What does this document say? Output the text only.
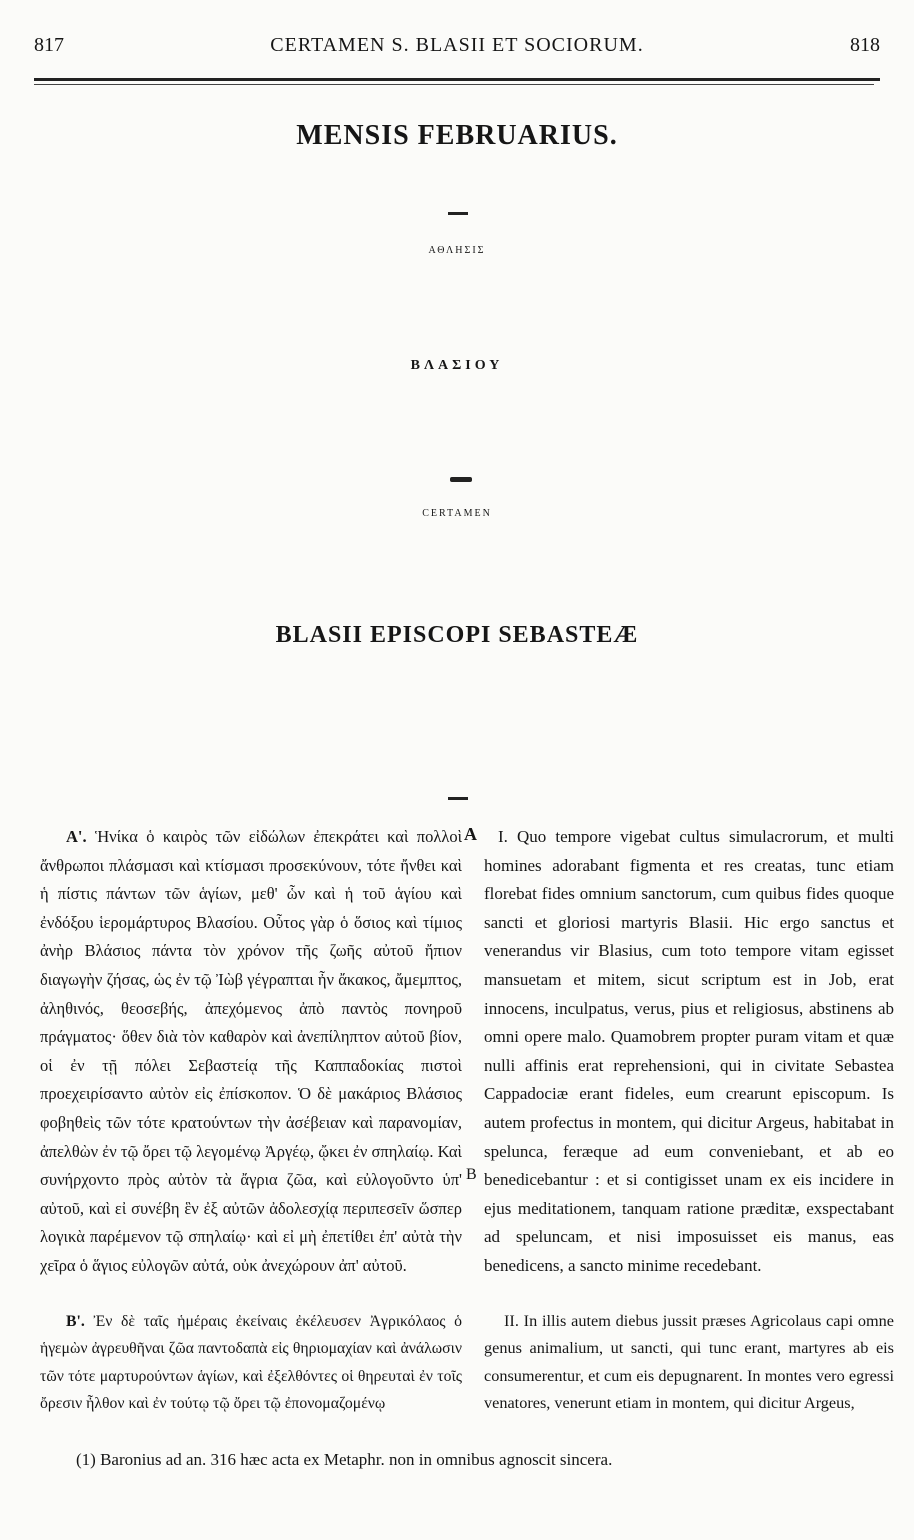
817	CERTAMEN S. BLASII ET SOCIORUM.	818
MENSIS FEBRUARIUS.
ΑΘΛΗΣΙΣ
ΒΛΑΣΙΟΥ
CERTAMEN
BLASII EPISCOPI SEBASTEÆ
A
B

Α'. Ἡνίκα ὁ καιρὸς τῶν εἰδώλων ἐπεκράτει καὶ πολλοὶ ἄνθρωποι πλάσμασι καὶ κτίσμασι προσεκύνουν, τότε ἤνθει καὶ ἡ πίστις πάντων τῶν ἁγίων, μεθ' ὧν καὶ ἡ τοῦ ἁγίου καὶ ἐνδόξου ἱερομάρτυρος Βλασίου. Οὗτος γὰρ ὁ ὅσιος καὶ τίμιος ἀνὴρ Βλάσιος πάντα τὸν χρόνον τῆς ζωῆς αὐτοῦ ἤπιον διαγωγὴν ζήσας, ὡς ἐν τῷ Ἰὼβ γέγραπται ἦν ἄκακος, ἄμεμπτος, ἀληθινός, θεοσεβής, ἀπεχόμενος ἀπὸ παντὸς πονηροῦ πράγματος· ὅθεν διὰ τὸν καθαρὸν καὶ ἀνεπίληπτον αὐτοῦ βίον, οἱ ἐν τῇ πόλει Σεβαστείᾳ τῆς Καππαδοκίας πιστοὶ προεχειρίσαντο αὐτὸν εἰς ἐπίσκοπον. Ὁ δὲ μακάριος Βλάσιος φοβηθεὶς τῶν τότε κρατούντων τὴν ἀσέβειαν καὶ παρανομίαν, ἀπελθὼν ἐν τῷ ὄρει τῷ λεγομένῳ Ἀργέῳ, ᾤκει ἐν σπηλαίῳ. Καὶ συνήρχοντο πρὸς αὐτὸν τὰ ἄγρια ζῶα, καὶ εὐλογοῦντο ὑπ' αὐτοῦ, καὶ εἰ συνέβη ἓν ἐξ αὐτῶν ἀδολεσχίᾳ περιπεσεῖν ὥσπερ λογικὰ παρέμενον τῷ σπηλαίῳ· καὶ εἰ μὴ ἐπετίθει ἐπ' αὐτὰ τὴν χεῖρα ὁ ἅγιος εὐλογῶν αὐτά, οὐκ ἀνεχώρουν ἀπ' αὐτοῦ.

Β'. Ἐν δὲ ταῖς ἡμέραις ἐκείναις ἐκέλευσεν Ἀγρικόλαος ὁ ἡγεμὼν ἀγρευθῆναι ζῶα παντοδαπὰ εἰς θηριομαχίαν καὶ ἀνάλωσιν τῶν τότε μαρτυρούντων ἁγίων, καὶ ἐξελθόντες οἱ θηρευταὶ ἐν τοῖς ὄρεσιν ἦλθον καὶ ἐν τούτῳ τῷ ὄρει τῷ ἐπονομαζομένῳ

I. Quo tempore vigebat cultus simulacrorum, et multi homines adorabant figmenta et res creatas, tunc etiam florebat fides omnium sanctorum, cum quibus fides quoque sancti et gloriosi martyris Blasii. Hic ergo sanctus et venerandus vir Blasius, cum toto tempore vitam egisset mansuetam et mitem, sicut scriptum est in Job, erat innocens, inculpatus, verus, pius et religiosus, abstinens ab omni opere malo. Quamobrem propter puram vitam et quæ nulli affinis erat reprehensioni, qui in civitate Sebastea Cappadociæ erant fideles, eum crearunt episcopum. Is autem profectus in montem, qui dicitur Argeus, habitabat in spelunca, feræque ad eum conveniebant, et ab eo benedicebantur : et si contigisset unam ex eis incidere in ejus meditationem, tanquam ratione præditæ, exspectabant ad speluncam, et nisi imposuisset eis manus, eas benedicens, a sancto minime recedebant.

II. In illis autem diebus jussit præses Agricolaus capi omne genus animalium, ut sancti, qui tunc erant, martyres ab eis consumerentur, et cum eis depugnarent. In montes vero egressi venatores, venerunt etiam in montem, qui dicitur Argeus,

(1) Baronius ad an. 316 hæc acta ex Metaphr. non in omnibus agnoscit sincera.
